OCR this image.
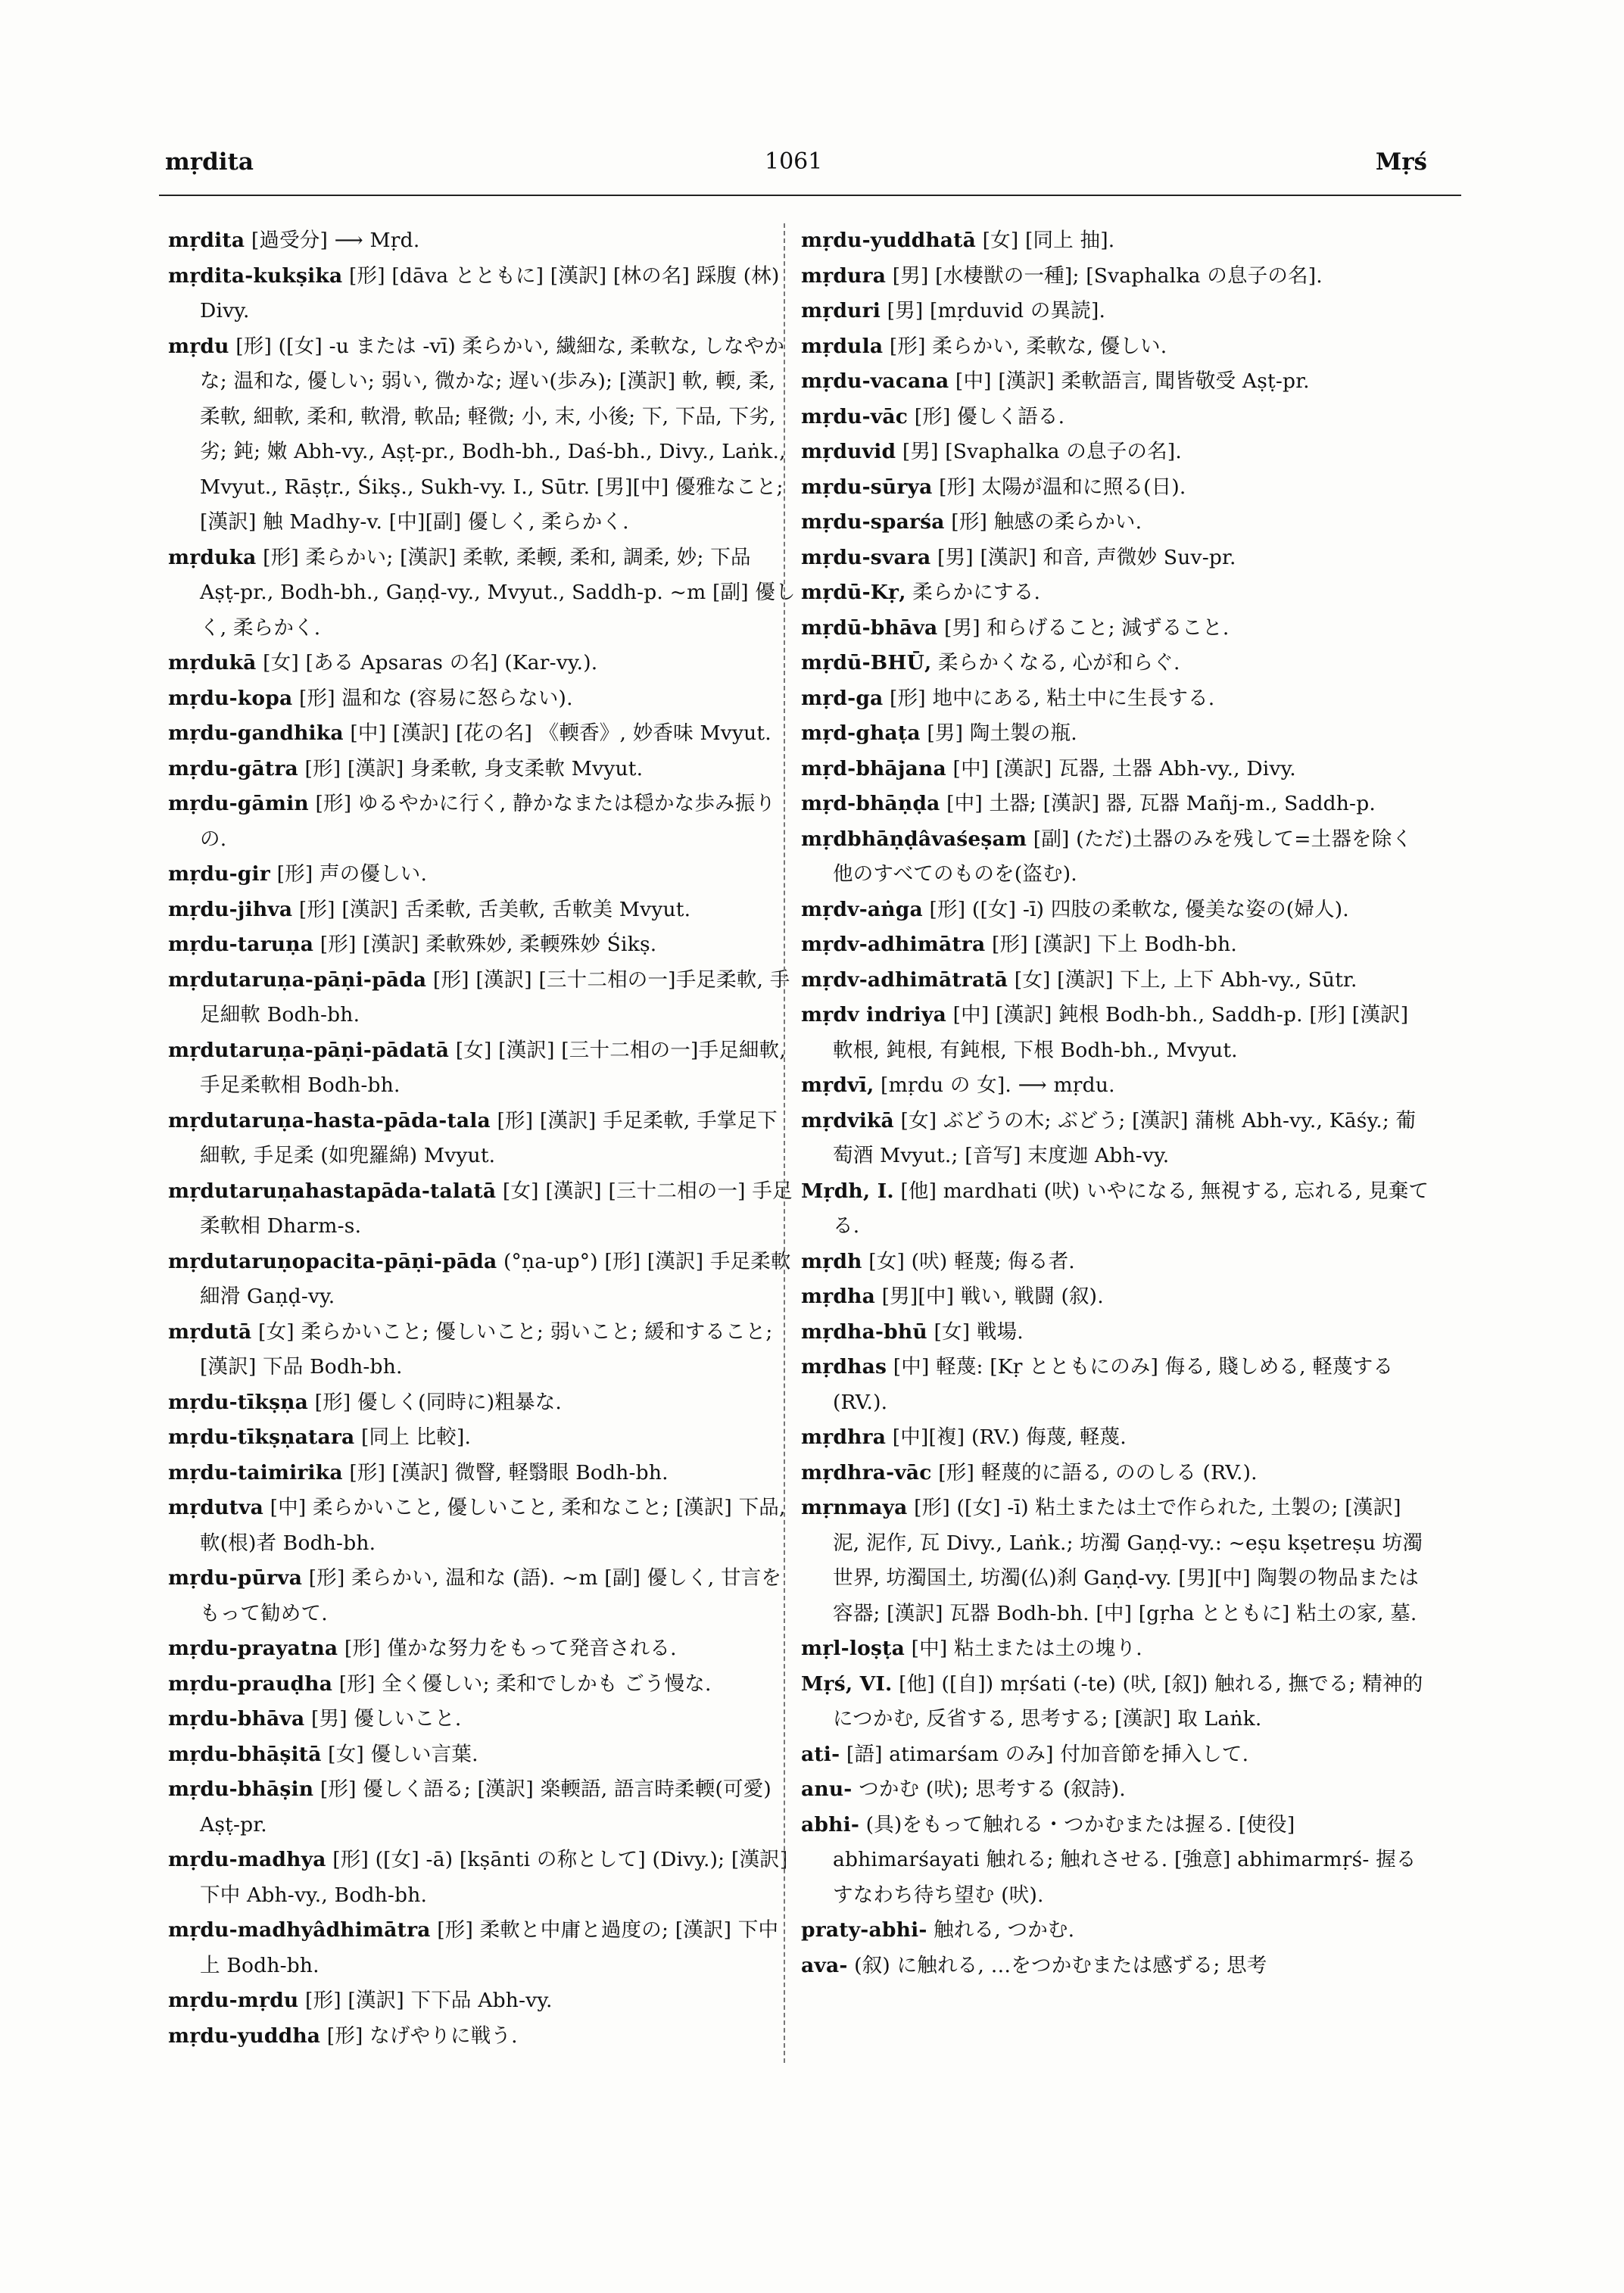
mṛdita	1061	Mṛś
mṛdita [過受分] ⟶ Mṛd.
mṛdita-kukṣika [形] [dāva とともに] [漢訳] [林の名] 踩腹 (林) Divy.
mṛdu [形] ([女] -u または -vī) 柔らかい, 繊細な, 柔軟な, しなやかな; 温和な, 優しい; 弱い, 微かな; 遅い(歩み); [漢訳] 軟, 輭, 柔, 柔軟, 細軟, 柔和, 軟滑, 軟品; 軽微; 小, 末, 小後; 下, 下品, 下劣, 劣; 鈍; 嫩 Abh-vy., Aṣṭ-pr., Bodh-bh., Daś-bh., Divy., Laṅk., Mvyut., Rāṣṭr., Śikṣ., Sukh-vy. I., Sūtr. [男][中] 優雅なこと; [漢訳] 触 Madhy-v. [中][副] 優しく, 柔らかく.
mṛduka [形] 柔らかい; [漢訳] 柔軟, 柔輭, 柔和, 調柔, 妙; 下品 Aṣṭ-pr., Bodh-bh., Gaṇḍ-vy., Mvyut., Saddh-p. ~m [副] 優しく, 柔らかく.
mṛdukā [女] [ある Apsaras の名] (Kar-vy.).
mṛdu-kopa [形] 温和な (容易に怒らない).
mṛdu-gandhika [中] [漢訳] [花の名] 《輭香》, 妙香味 Mvyut.
mṛdu-gātra [形] [漢訳] 身柔軟, 身支柔軟 Mvyut.
mṛdu-gāmin [形] ゆるやかに行く, 静かなまたは穏かな歩み振りの.
mṛdu-gir [形] 声の優しい.
mṛdu-jihva [形] [漢訳] 舌柔軟, 舌美軟, 舌軟美 Mvyut.
mṛdu-taruṇa [形] [漢訳] 柔軟殊妙, 柔輭殊妙 Śikṣ.
mṛdutaruṇa-pāṇi-pāda [形] [漢訳] [三十二相の一]手足柔軟, 手足細軟 Bodh-bh.
mṛdutaruṇa-pāṇi-pādatā [女] [漢訳] [三十二相の一]手足細軟, 手足柔軟相 Bodh-bh.
mṛdutaruṇa-hasta-pāda-tala [形] [漢訳] 手足柔軟, 手掌足下細軟, 手足柔 (如兜羅綿) Mvyut.
mṛdutaruṇahastapāda-talatā [女] [漢訳] [三十二相の一] 手足柔軟相 Dharm-s.
mṛdutaruṇopacita-pāṇi-pāda (°ṇa-up°) [形] [漢訳] 手足柔軟細滑 Gaṇḍ-vy.
mṛdutā [女] 柔らかいこと; 優しいこと; 弱いこと; 緩和すること; [漢訳] 下品 Bodh-bh.
mṛdu-tīkṣṇa [形] 優しく(同時に)粗暴な.
mṛdu-tīkṣṇatara [同上 比較].
mṛdu-taimirika [形] [漢訳] 微瞖, 軽翳眼 Bodh-bh.
mṛdutva [中] 柔らかいこと, 優しいこと, 柔和なこと; [漢訳] 下品, 軟(根)者 Bodh-bh.
mṛdu-pūrva [形] 柔らかい, 温和な (語). ~m [副] 優しく, 甘言をもって勧めて.
mṛdu-prayatna [形] 僅かな努力をもって発音される.
mṛdu-prauḍha [形] 全く優しい; 柔和でしかも ごう慢な.
mṛdu-bhāva [男] 優しいこと.
mṛdu-bhāṣitā [女] 優しい言葉.
mṛdu-bhāṣin [形] 優しく語る; [漢訳] 楽輭語, 語言時柔輭(可愛) Aṣṭ-pr.
mṛdu-madhya [形] ([女] -ā) [kṣānti の称として] (Divy.); [漢訳] 下中 Abh-vy., Bodh-bh.
mṛdu-madhyâdhimātra [形] 柔軟と中庸と過度の; [漢訳] 下中上 Bodh-bh.
mṛdu-mṛdu [形] [漢訳] 下下品 Abh-vy.
mṛdu-yuddha [形] なげやりに戦う.
mṛdu-yuddhatā [女] [同上 抽].
mṛdura [男] [水棲獣の一種]; [Svaphalka の息子の名].
mṛduri [男] [mṛduvid の異読].
mṛdula [形] 柔らかい, 柔軟な, 優しい.
mṛdu-vacana [中] [漢訳] 柔軟語言, 聞皆敬受 Aṣṭ-pr.
mṛdu-vāc [形] 優しく語る.
mṛduvid [男] [Svaphalka の息子の名].
mṛdu-sūrya [形] 太陽が温和に照る(日).
mṛdu-sparśa [形] 触感の柔らかい.
mṛdu-svara [男] [漢訳] 和音, 声微妙 Suv-pr.
mṛdū-Kṛ, 柔らかにする.
mṛdū-bhāva [男] 和らげること; 減ずること.
mṛdū-BHŪ, 柔らかくなる, 心が和らぐ.
mṛd-ga [形] 地中にある, 粘土中に生長する.
mṛd-ghaṭa [男] 陶土製の瓶.
mṛd-bhājana [中] [漢訳] 瓦器, 土器 Abh-vy., Divy.
mṛd-bhāṇḍa [中] 土器; [漢訳] 器, 瓦器 Mañj-m., Saddh-p.
mṛdbhāṇḍâvaśeṣam [副] (ただ)土器のみを残して=土器を除く他のすべてのものを(盗む).
mṛdv-aṅga [形] ([女] -ī) 四肢の柔軟な, 優美な姿の(婦人).
mṛdv-adhimātra [形] [漢訳] 下上 Bodh-bh.
mṛdv-adhimātratā [女] [漢訳] 下上, 上下 Abh-vy., Sūtr.
mṛdv indriya [中] [漢訳] 鈍根 Bodh-bh., Saddh-p. [形] [漢訳] 軟根, 鈍根, 有鈍根, 下根 Bodh-bh., Mvyut.
mṛdvī, [mṛdu の 女]. ⟶ mṛdu.
mṛdvikā [女] ぶどうの木; ぶどう; [漢訳] 蒲桃 Abh-vy., Kāśy.; 葡萄酒 Mvyut.; [音写] 末度迦 Abh-vy.
Mṛdh, I. [他] mardhati (吠) いやになる, 無視する, 忘れる, 見棄てる.
mṛdh [女] (吠) 軽蔑; 侮る者.
mṛdha [男][中] 戦い, 戦闘 (叙).
mṛdha-bhū [女] 戦場.
mṛdhas [中] 軽蔑: [Kṛ とともにのみ] 侮る, 賤しめる, 軽蔑する (RV.).
mṛdhra [中][複] (RV.) 侮蔑, 軽蔑.
mṛdhra-vāc [形] 軽蔑的に語る, ののしる (RV.).
mṛnmaya [形] ([女] -ī) 粘土または土で作られた, 土製の; [漢訳] 泥, 泥作, 瓦 Divy., Laṅk.; 坊濁 Gaṇḍ-vy.: ~eṣu kṣetreṣu 坊濁世界, 坊濁国土, 坊濁(仏)刹 Gaṇḍ-vy. [男][中] 陶製の物品または容器; [漢訳] 瓦器 Bodh-bh. [中] [gṛha とともに] 粘土の家, 墓.
mṛl-loṣṭa [中] 粘土または土の塊り.
Mṛś, VI. [他] ([自]) mṛśati (-te) (吠, [叙]) 触れる, 撫でる; 精神的につかむ, 反省する, 思考する; [漢訳] 取 Laṅk.
ati- [語] atimarśam のみ] 付加音節を挿入して.
anu- つかむ (吠); 思考する (叙詩).
abhi- (具)をもって触れる・つかむまたは握る. [使役] abhimarśayati 触れる; 触れさせる. [強意] abhimarmṛś- 握るすなわち待ち望む (吠).
praty-abhi- 触れる, つかむ.
ava- (叙) に触れる, …をつかむまたは感ずる; 思考
